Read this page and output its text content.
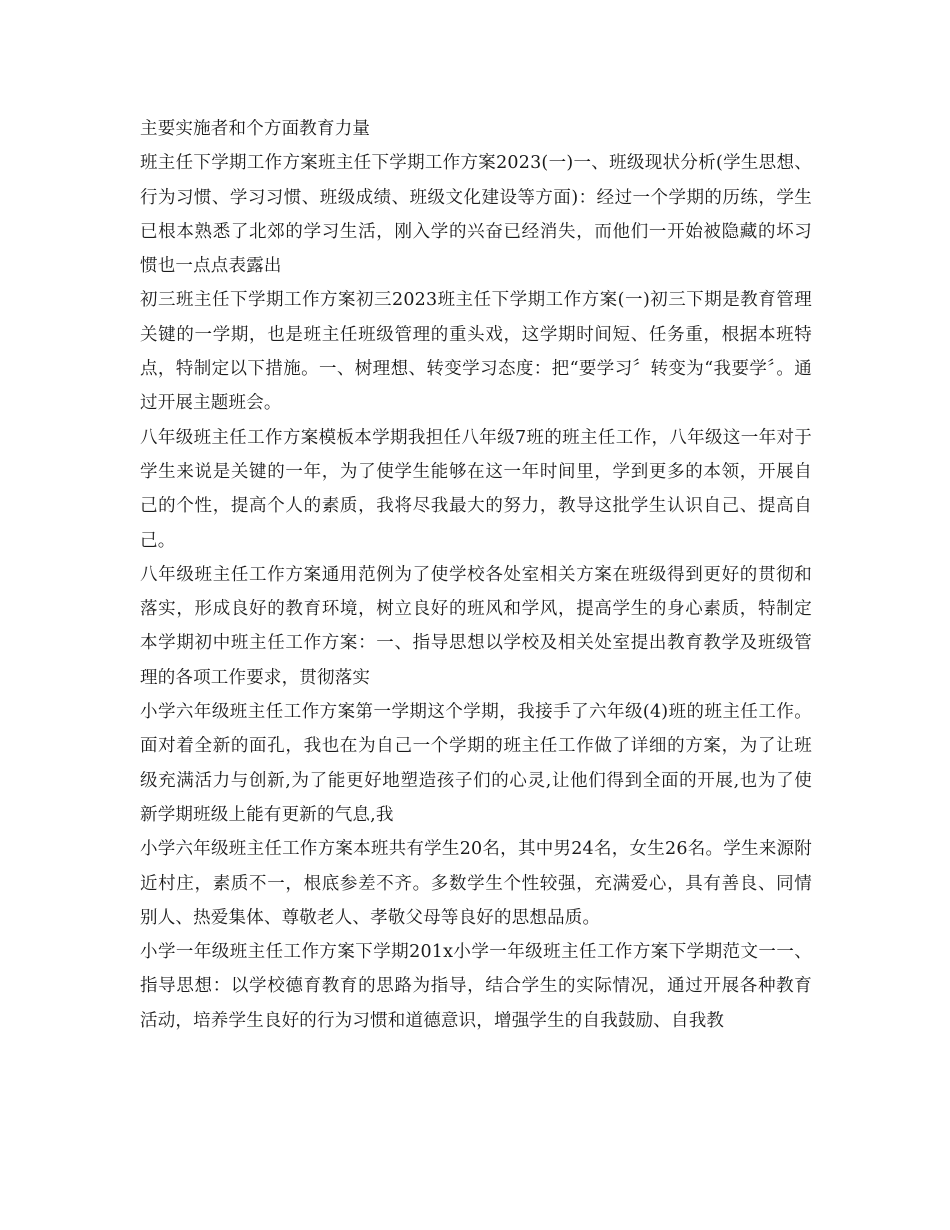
主要实施者和个方面教育力量

班主任下学期工作方案班主任下学期工作方案2023(一)一、班级现状分析(学生思想、行为习惯、学习习惯、班级成绩、班级文化建设等方面)：经过一个学期的历练，学生已根本熟悉了北郊的学习生活，刚入学的兴奋已经消失，而他们一开始被隐藏的坏习惯也一点点表露出

初三班主任下学期工作方案初三2023班主任下学期工作方案(一)初三下期是教育管理关键的一学期，也是班主任班级管理的重头戏，这学期时间短、任务重，根据本班特点，特制定以下措施。一、树理想、转变学习态度：把“要学习〞转变为“我要学〞。通过开展主题班会。

八年级班主任工作方案模板本学期我担任八年级7班的班主任工作，八年级这一年对于学生来说是关键的一年，为了使学生能够在这一年时间里，学到更多的本领，开展自己的个性，提高个人的素质，我将尽我最大的努力，教导这批学生认识自己、提高自己。

八年级班主任工作方案通用范例为了使学校各处室相关方案在班级得到更好的贯彻和落实，形成良好的教育环境，树立良好的班风和学风，提高学生的身心素质，特制定本学期初中班主任工作方案：一、指导思想以学校及相关处室提出教育教学及班级管理的各项工作要求，贯彻落实

小学六年级班主任工作方案第一学期这个学期，我接手了六年级(4)班的班主任工作。面对着全新的面孔，我也在为自己一个学期的班主任工作做了详细的方案，为了让班级充满活力与创新,为了能更好地塑造孩子们的心灵,让他们得到全面的开展,也为了使新学期班级上能有更新的气息,我

小学六年级班主任工作方案本班共有学生20名，其中男24名，女生26名。学生来源附近村庄，素质不一，根底参差不齐。多数学生个性较强，充满爱心，具有善良、同情别人、热爱集体、尊敬老人、孝敬父母等良好的思想品质。

小学一年级班主任工作方案下学期201x小学一年级班主任工作方案下学期范文一一、指导思想：以学校德育教育的思路为指导，结合学生的实际情况，通过开展各种教育活动，培养学生良好的行为习惯和道德意识，增强学生的自我鼓励、自我教
